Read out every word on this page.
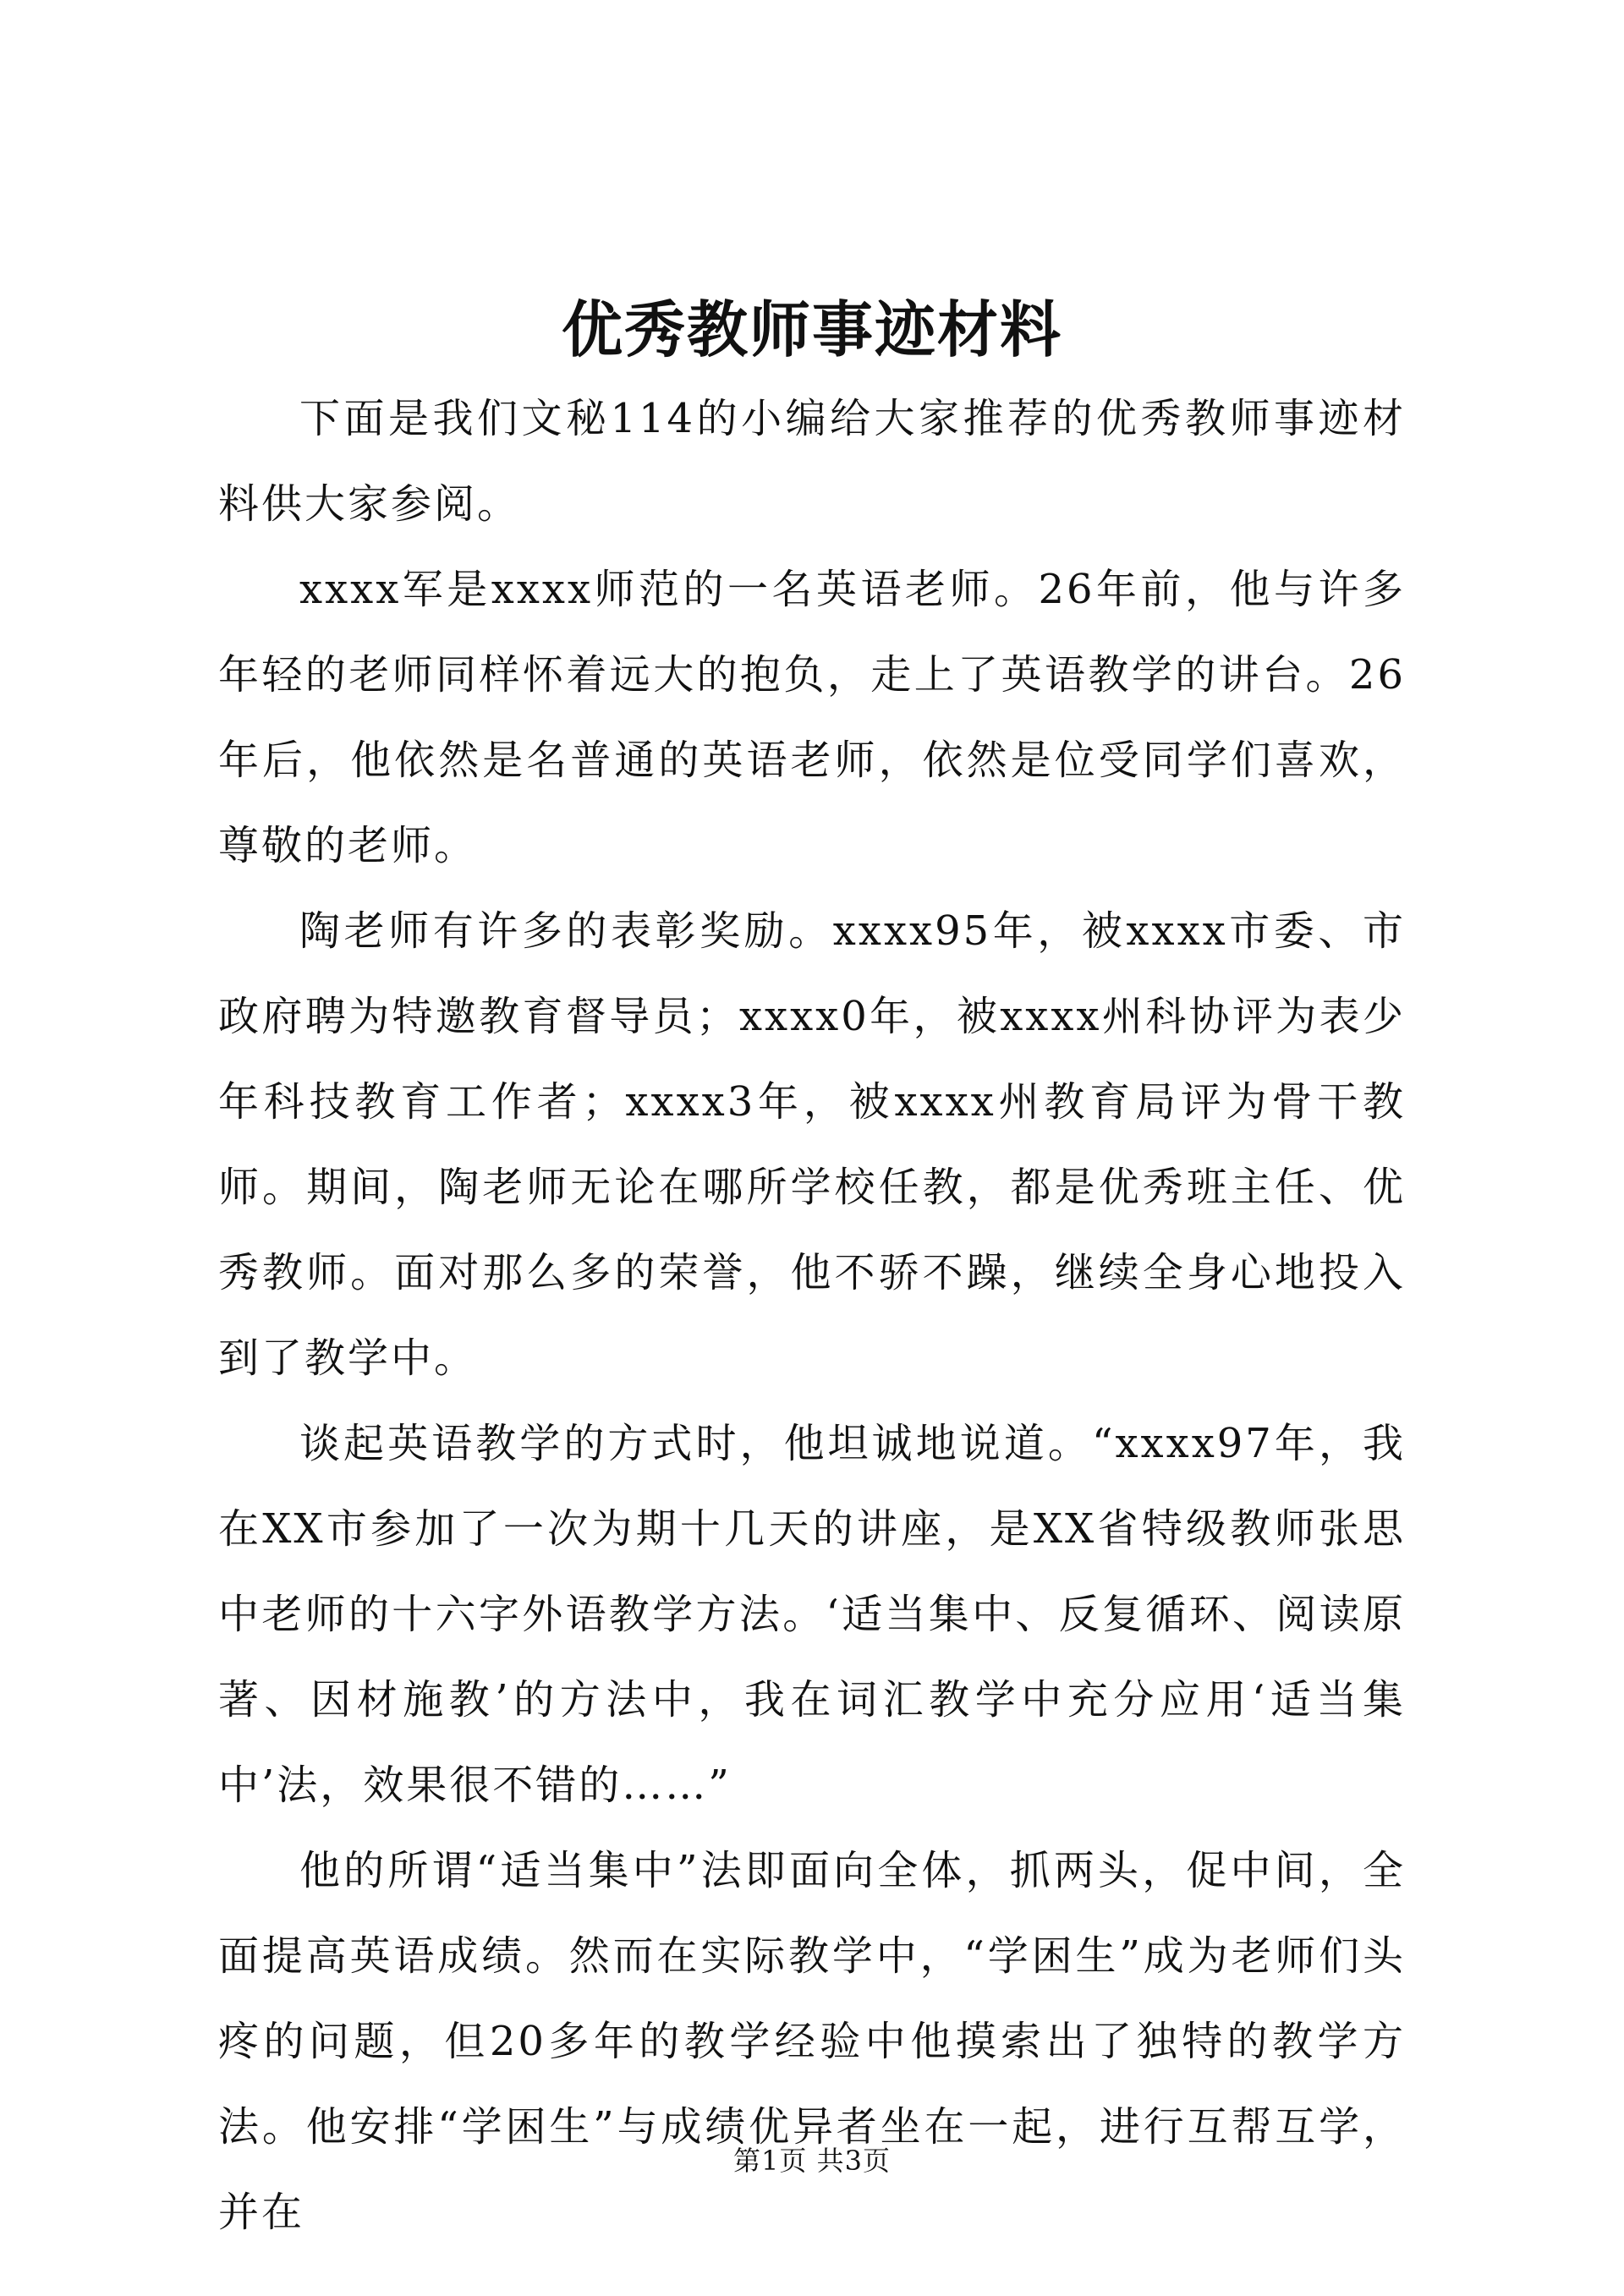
优秀教师事迹材料

下面是我们文秘114的小编给大家推荐的优秀教师事迹材料供大家参阅。

xxxx军是xxxx师范的一名英语老师。26年前，他与许多年轻的老师同样怀着远大的抱负，走上了英语教学的讲台。26年后，他依然是名普通的英语老师，依然是位受同学们喜欢，尊敬的老师。

陶老师有许多的表彰奖励。xxxx95年，被xxxx市委、市政府聘为特邀教育督导员；xxxx0年，被xxxx州科协评为表少年科技教育工作者；xxxx3年，被xxxx州教育局评为骨干教师。期间，陶老师无论在哪所学校任教，都是优秀班主任、优秀教师。面对那么多的荣誉，他不骄不躁，继续全身心地投入到了教学中。

谈起英语教学的方式时，他坦诚地说道。“xxxx97年，我在XX市参加了一次为期十几天的讲座，是XX省特级教师张思中老师的十六字外语教学方法。‘适当集中、反复循环、阅读原著、因材施教’的方法中，我在词汇教学中充分应用‘适当集中’法，效果很不错的……”

他的所谓“适当集中”法即面向全体，抓两头，促中间，全面提高英语成绩。然而在实际教学中，“学困生”成为老师们头疼的问题，但20多年的教学经验中他摸索出了独特的教学方法。他安排“学困生”与成绩优异者坐在一起，进行互帮互学，并在

第1页 共3页
